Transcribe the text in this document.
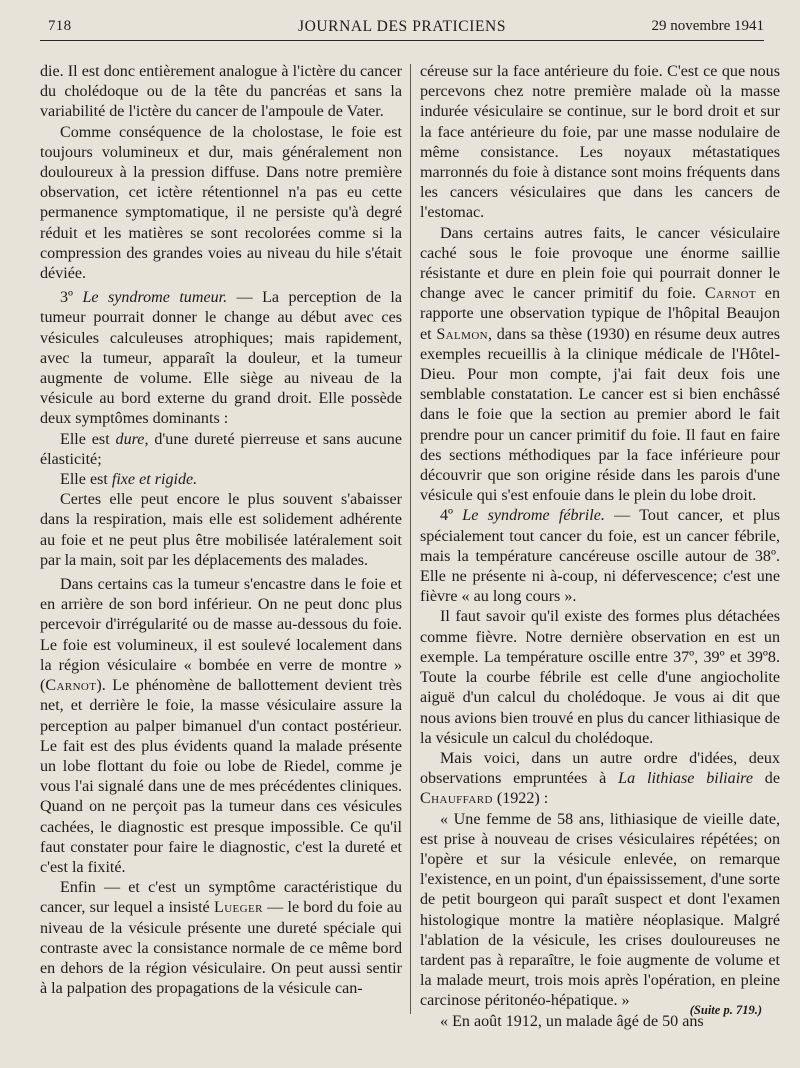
718	JOURNAL DES PRATICIENS	29 novembre 1941

die. Il est donc entièrement analogue à l'ictère du cancer du cholédoque ou de la tête du pancréas et sans la variabilité de l'ictère du cancer de l'ampoule de Vater.

Comme conséquence de la cholostase, le foie est toujours volumineux et dur, mais généralement non douloureux à la pression diffuse. Dans notre première observation, cet ictère rétentionnel n'a pas eu cette permanence symptomatique, il ne persiste qu'à degré réduit et les matières se sont recolorées comme si la compression des grandes voies au niveau du hile s'était déviée.

3º Le syndrome tumeur. — La perception de la tumeur pourrait donner le change au début avec ces vésicules calculeuses atrophiques; mais rapidement, avec la tumeur, apparaît la douleur, et la tumeur augmente de volume. Elle siège au niveau de la vésicule au bord externe du grand droit. Elle possède deux symptômes dominants :

Elle est dure, d'une dureté pierreuse et sans aucune élasticité;

Elle est fixe et rigide.

Certes elle peut encore le plus souvent s'abaisser dans la respiration, mais elle est solidement adhérente au foie et ne peut plus être mobilisée latéralement soit par la main, soit par les déplacements des malades.

Dans certains cas la tumeur s'encastre dans le foie et en arrière de son bord inférieur. On ne peut donc plus percevoir d'irrégularité ou de masse au-dessous du foie. Le foie est volumineux, il est soulevé localement dans la région vésiculaire « bombée en verre de montre » (Carnot). Le phénomène de ballottement devient très net, et derrière le foie, la masse vésiculaire assure la perception au palper bimanuel d'un contact postérieur. Le fait est des plus évidents quand la malade présente un lobe flottant du foie ou lobe de Riedel, comme je vous l'ai signalé dans une de mes précédentes cliniques. Quand on ne perçoit pas la tumeur dans ces vésicules cachées, le diagnostic est presque impossible. Ce qu'il faut constater pour faire le diagnostic, c'est la dureté et c'est la fixité.

Enfin — et c'est un symptôme caractéristique du cancer, sur lequel a insisté Lueger — le bord du foie au niveau de la vésicule présente une dureté spéciale qui contraste avec la consistance normale de ce même bord en dehors de la région vésiculaire. On peut aussi sentir à la palpation des propagations de la vésicule can-

céreuse sur la face antérieure du foie. C'est ce que nous percevons chez notre première malade où la masse indurée vésiculaire se continue, sur le bord droit et sur la face antérieure du foie, par une masse nodulaire de même consistance. Les noyaux métastatiques marronnés du foie à distance sont moins fréquents dans les cancers vésiculaires que dans les cancers de l'estomac.

Dans certains autres faits, le cancer vésiculaire caché sous le foie provoque une énorme saillie résistante et dure en plein foie qui pourrait donner le change avec le cancer primitif du foie. Carnot en rapporte une observation typique de l'hôpital Beaujon et Salmon, dans sa thèse (1930) en résume deux autres exemples recueillis à la clinique médicale de l'Hôtel-Dieu. Pour mon compte, j'ai fait deux fois une semblable constatation. Le cancer est si bien enchâssé dans le foie que la section au premier abord le fait prendre pour un cancer primitif du foie. Il faut en faire des sections méthodiques par la face inférieure pour découvrir que son origine réside dans les parois d'une vésicule qui s'est enfouie dans le plein du lobe droit.

4º Le syndrome fébrile. — Tout cancer, et plus spécialement tout cancer du foie, est un cancer fébrile, mais la température cancéreuse oscille autour de 38º. Elle ne présente ni à-coup, ni défervescence; c'est une fièvre « au long cours ».

Il faut savoir qu'il existe des formes plus détachées comme fièvre. Notre dernière observation en est un exemple. La température oscille entre 37º, 39º et 39º8. Toute la courbe fébrile est celle d'une angiocholite aiguë d'un calcul du cholédoque. Je vous ai dit que nous avions bien trouvé en plus du cancer lithiasique de la vésicule un calcul du cholédoque.

Mais voici, dans un autre ordre d'idées, deux observations empruntées à La lithiase biliaire de Chauffard (1922) :

« Une femme de 58 ans, lithiasique de vieille date, est prise à nouveau de crises vésiculaires répétées; on l'opère et sur la vésicule enlevée, on remarque l'existence, en un point, d'un épaississement, d'une sorte de petit bourgeon qui paraît suspect et dont l'examen histologique montre la matière néoplasique. Malgré l'ablation de la vésicule, les crises douloureuses ne tardent pas à reparaître, le foie augmente de volume et la malade meurt, trois mois après l'opération, en pleine carcinose péritonéo-hépatique. »

« En août 1912, un malade âgé de 50 ans

(Suite p. 719.)
